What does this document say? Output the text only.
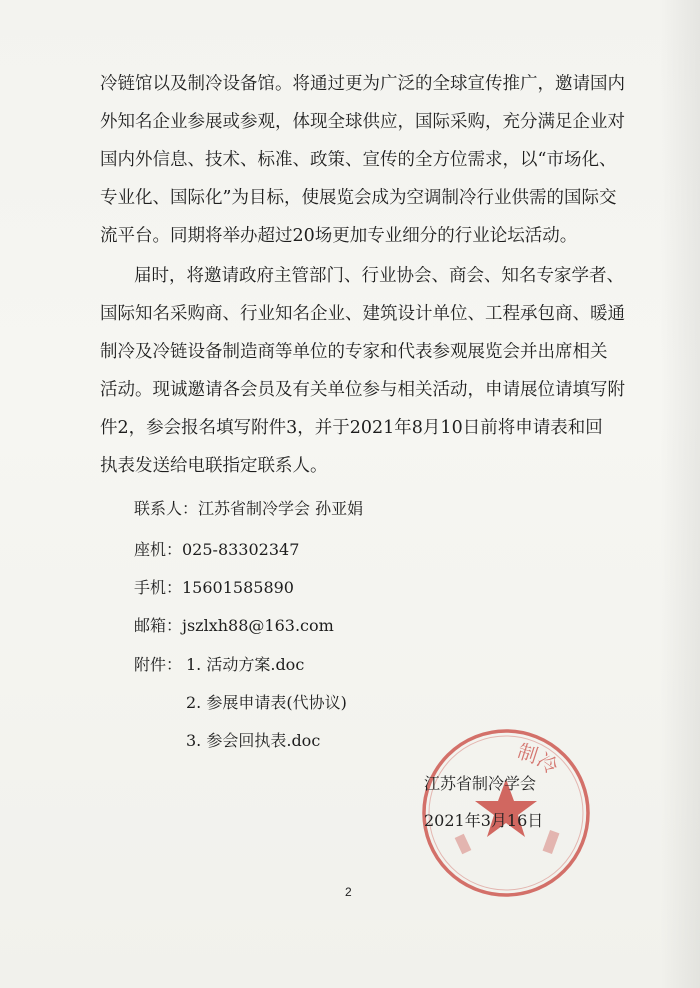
冷链馆以及制冷设备馆。将通过更为广泛的全球宣传推广，邀请国内
外知名企业参展或参观，体现全球供应，国际采购，充分满足企业对
国内外信息、技术、标准、政策、宣传的全方位需求，以“市场化、
专业化、国际化”为目标，使展览会成为空调制冷行业供需的国际交
流平台。同期将举办超过20场更加专业细分的行业论坛活动。
届时，将邀请政府主管部门、行业协会、商会、知名专家学者、
国际知名采购商、行业知名企业、建筑设计单位、工程承包商、暖通
制冷及冷链设备制造商等单位的专家和代表参观展览会并出席相关
活动。现诚邀请各会员及有关单位参与相关活动，申请展位请填写附
件2，参会报名填写附件3，并于2021年8月10日前将申请表和回
执表发送给电联指定联系人。
联系人：江苏省制冷学会 孙亚娟
座机：025-83302347
手机：15601585890
邮箱：jszlxh88@163.com
附件： 1. 活动方案.doc
2. 参展申请表(代协议)
3. 参会回执表.doc	制冷
江苏省制冷学会
2021年3月16日
2
